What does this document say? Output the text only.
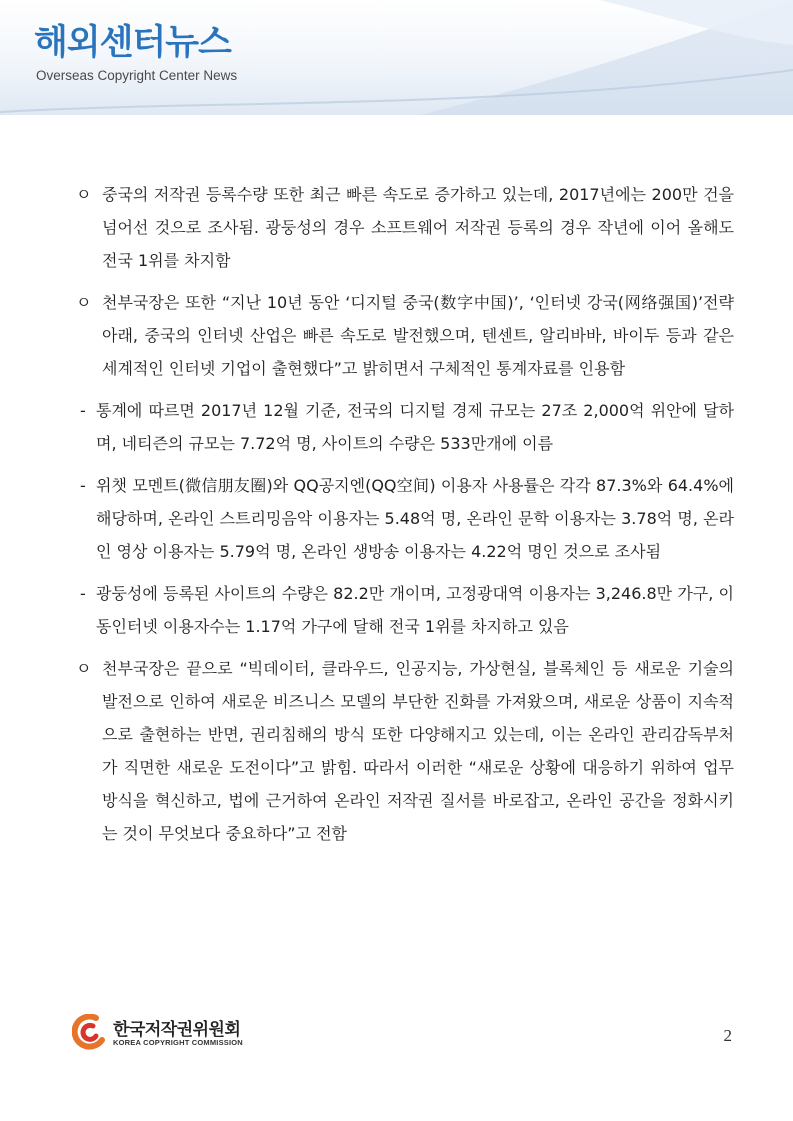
해외센터뉴스
Overseas Copyright Center News
ㅇ 중국의 저작권 등록수량 또한 최근 빠른 속도로 증가하고 있는데, 2017년에는 200만 건을 넘어선 것으로 조사됨. 광둥성의 경우 소프트웨어 저작권 등록의 경우 작년에 이어 올해도 전국 1위를 차지함
ㅇ 천부국장은 또한 “지난 10년 동안 ‘디지털 중국(数字中国)’, ‘인터넷 강국(网络强国)’전략 아래, 중국의 인터넷 산업은 빠른 속도로 발전했으며, 텐센트, 알리바바, 바이두 등과 같은 세계적인 인터넷 기업이 출현했다”고 밝히면서 구체적인 통계자료를 인용함
- 통계에 따르면 2017년 12월 기준, 전국의 디지털 경제 규모는 27조 2,000억 위안에 달하며, 네티즌의 규모는 7.72억 명, 사이트의 수량은 533만개에 이름
- 위챗 모멘트(微信朋友圈)와 QQ공지엔(QQ空间) 이용자 사용률은 각각 87.3%와 64.4%에 해당하며, 온라인 스트리밍음악 이용자는 5.48억 명, 온라인 문학 이용자는 3.78억 명, 온라인 영상 이용자는 5.79억 명, 온라인 생방송 이용자는 4.22억 명인 것으로 조사됨
- 광둥성에 등록된 사이트의 수량은 82.2만 개이며, 고정광대역 이용자는 3,246.8만 가구, 이동인터넷 이용자수는 1.17억 가구에 달해 전국 1위를 차지하고 있음
ㅇ 천부국장은 끝으로 “빅데이터, 클라우드, 인공지능, 가상현실, 블록체인 등 새로운 기술의 발전으로 인하여 새로운 비즈니스 모델의 부단한 진화를 가져왔으며, 새로운 상품이 지속적으로 출현하는 반면, 권리침해의 방식 또한 다양해지고 있는데, 이는 온라인 관리감독부처가 직면한 새로운 도전이다”고 밝힘. 따라서 이러한 “새로운 상황에 대응하기 위하여 업무방식을 혁신하고, 법에 근거하여 온라인 저작권 질서를 바로잡고, 온라인 공간을 정화시키는 것이 무엇보다 중요하다”고 전함
한국저작권위원회
KOREA COPYRIGHT COMMISSION	2
